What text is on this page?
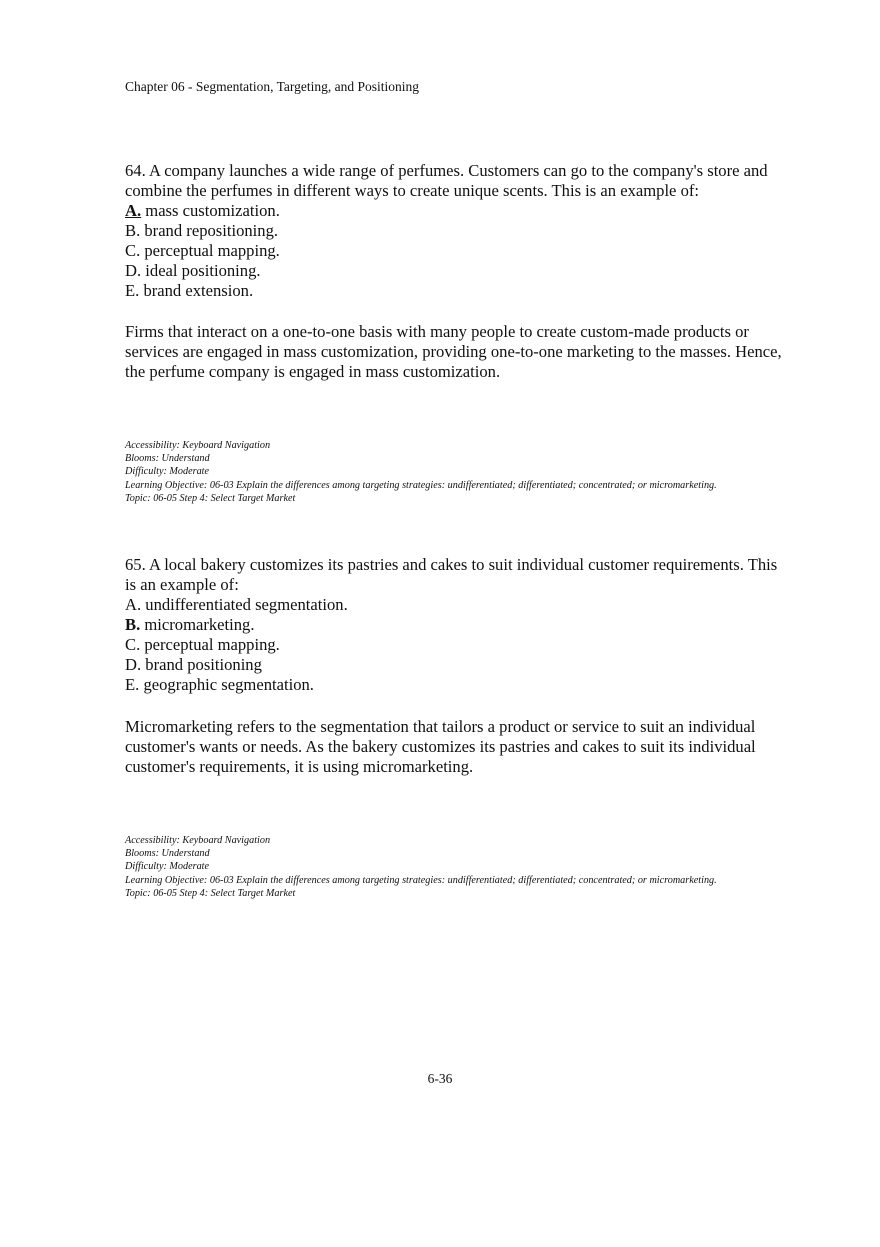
Chapter 06 - Segmentation, Targeting, and Positioning

64. A company launches a wide range of perfumes. Customers can go to the company's store and combine the perfumes in different ways to create unique scents. This is an example of:

A. mass customization.
B. brand repositioning.
C. perceptual mapping.
D. ideal positioning.
E. brand extension.

Firms that interact on a one-to-one basis with many people to create custom-made products or services are engaged in mass customization, providing one-to-one marketing to the masses. Hence, the perfume company is engaged in mass customization.

Accessibility: Keyboard Navigation
Blooms: Understand
Difficulty: Moderate
Learning Objective: 06-03 Explain the differences among targeting strategies: undifferentiated; differentiated; concentrated; or micromarketing.
Topic: 06-05 Step 4: Select Target Market

65. A local bakery customizes its pastries and cakes to suit individual customer requirements. This is an example of:

A. undifferentiated segmentation.
B. micromarketing.
C. perceptual mapping.
D. brand positioning
E. geographic segmentation.

Micromarketing refers to the segmentation that tailors a product or service to suit an individual customer's wants or needs. As the bakery customizes its pastries and cakes to suit its individual customer's requirements, it is using micromarketing.

Accessibility: Keyboard Navigation
Blooms: Understand
Difficulty: Moderate
Learning Objective: 06-03 Explain the differences among targeting strategies: undifferentiated; differentiated; concentrated; or micromarketing.
Topic: 06-05 Step 4: Select Target Market
6-36
